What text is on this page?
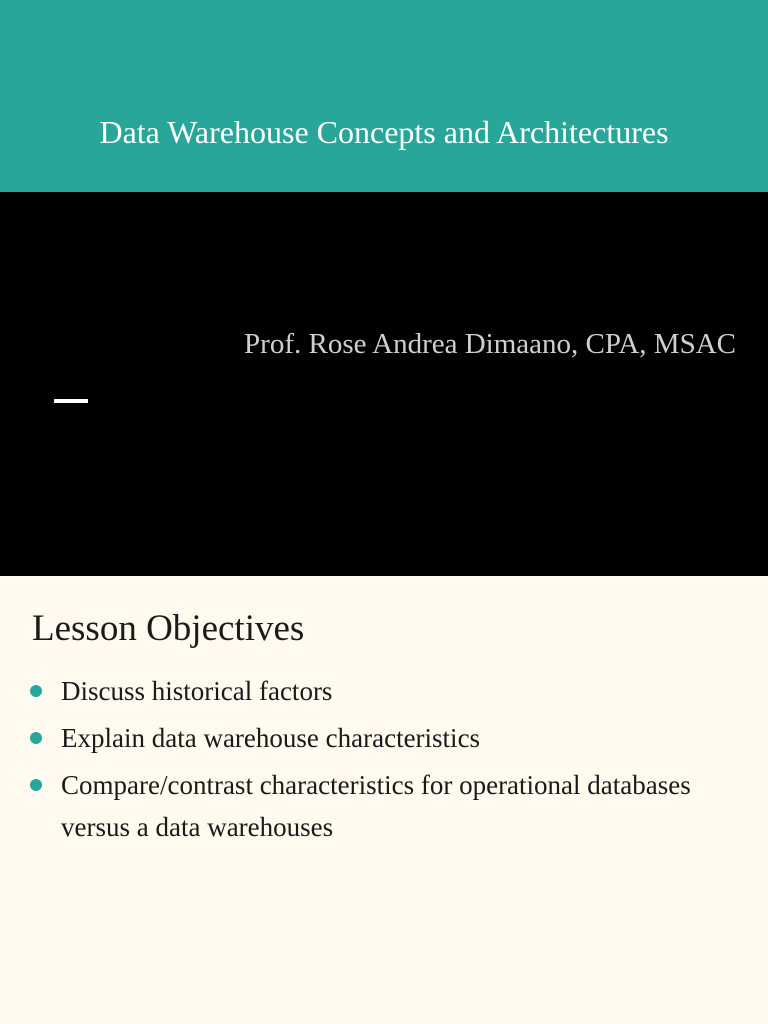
Data Warehouse Concepts and Architectures
Prof. Rose Andrea Dimaano, CPA, MSAC
Lesson Objectives
Discuss historical factors
Explain data warehouse characteristics
Compare/contrast characteristics for operational databases versus a data warehouses
